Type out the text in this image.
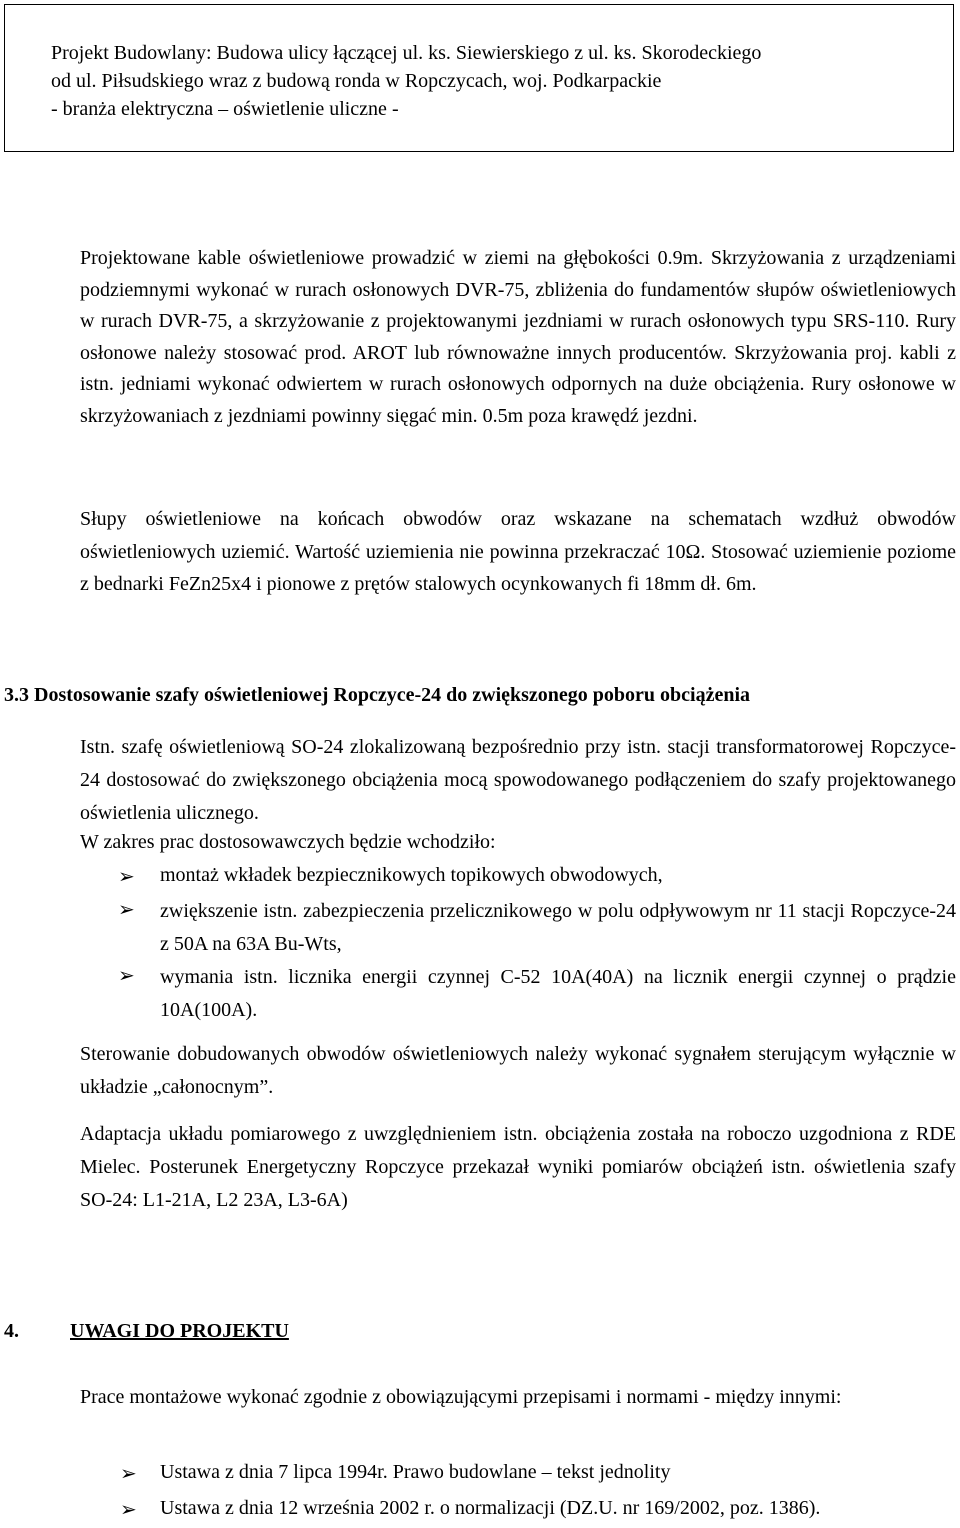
Projekt Budowlany: Budowa ulicy łączącej ul. ks. Siewierskiego z ul. ks. Skorodeckiego
od ul. Piłsudskiego wraz z budową ronda w Ropczycach, woj. Podkarpackie
- branża elektryczna – oświetlenie uliczne -
Projektowane kable oświetleniowe prowadzić w ziemi na głębokości 0.9m. Skrzyżowania z urządzeniami podziemnymi wykonać w rurach osłonowych DVR-75, zbliżenia do fundamentów słupów oświetleniowych w rurach DVR-75, a skrzyżowanie z projektowanymi jezdniami w rurach osłonowych typu SRS-110. Rury osłonowe należy stosować prod. AROT lub równoważne innych producentów. Skrzyżowania proj. kabli z istn. jedniami wykonać odwiertem w rurach osłonowych odpornych na duże obciążenia. Rury osłonowe w skrzyżowaniach z jezdniami powinny sięgać min. 0.5m poza krawędź jezdni.
Słupy oświetleniowe na końcach obwodów oraz wskazane na schematach wzdłuż obwodów oświetleniowych uziemić. Wartość uziemienia nie powinna przekraczać 10Ω. Stosować uziemienie poziome z bednarki FeZn25x4 i pionowe z prętów stalowych ocynkowanych fi 18mm dł. 6m.
3.3 Dostosowanie szafy oświetleniowej Ropczyce-24 do zwiększonego poboru obciążenia
Istn. szafę oświetleniową SO-24 zlokalizowaną bezpośrednio przy istn. stacji transformatorowej Ropczyce-24 dostosować do zwiększonego obciążenia mocą spowodowanego podłączeniem do szafy projektowanego oświetlenia ulicznego.
W zakres prac dostosowawczych będzie wchodziło:
➢ montaż wkładek bezpiecznikowych topikowych obwodowych,
➢ zwiększenie istn. zabezpieczenia przelicznikowego w polu odpływowym nr 11 stacji Ropczyce-24 z 50A na 63A Bu-Wts,
➢ wymania istn. licznika energii czynnej C-52 10A(40A) na licznik energii czynnej o prądzie 10A(100A).
Sterowanie dobudowanych obwodów oświetleniowych należy wykonać sygnałem sterującym wyłącznie w układzie „całonocnym”.
Adaptacja układu pomiarowego z uwzględnieniem istn. obciążenia została na roboczo uzgodniona z RDE Mielec. Posterunek Energetyczny Ropczyce przekazał wyniki pomiarów obciążeń istn. oświetlenia szafy SO-24: L1-21A, L2 23A, L3-6A)
4.	UWAGI DO PROJEKTU
Prace montażowe wykonać zgodnie z obowiązującymi przepisami i normami - między innymi:
➢ Ustawa z dnia 7 lipca 1994r. Prawo budowlane – tekst jednolity
➢ Ustawa z dnia 12 września 2002 r. o normalizacji (DZ.U. nr 169/2002, poz. 1386).
